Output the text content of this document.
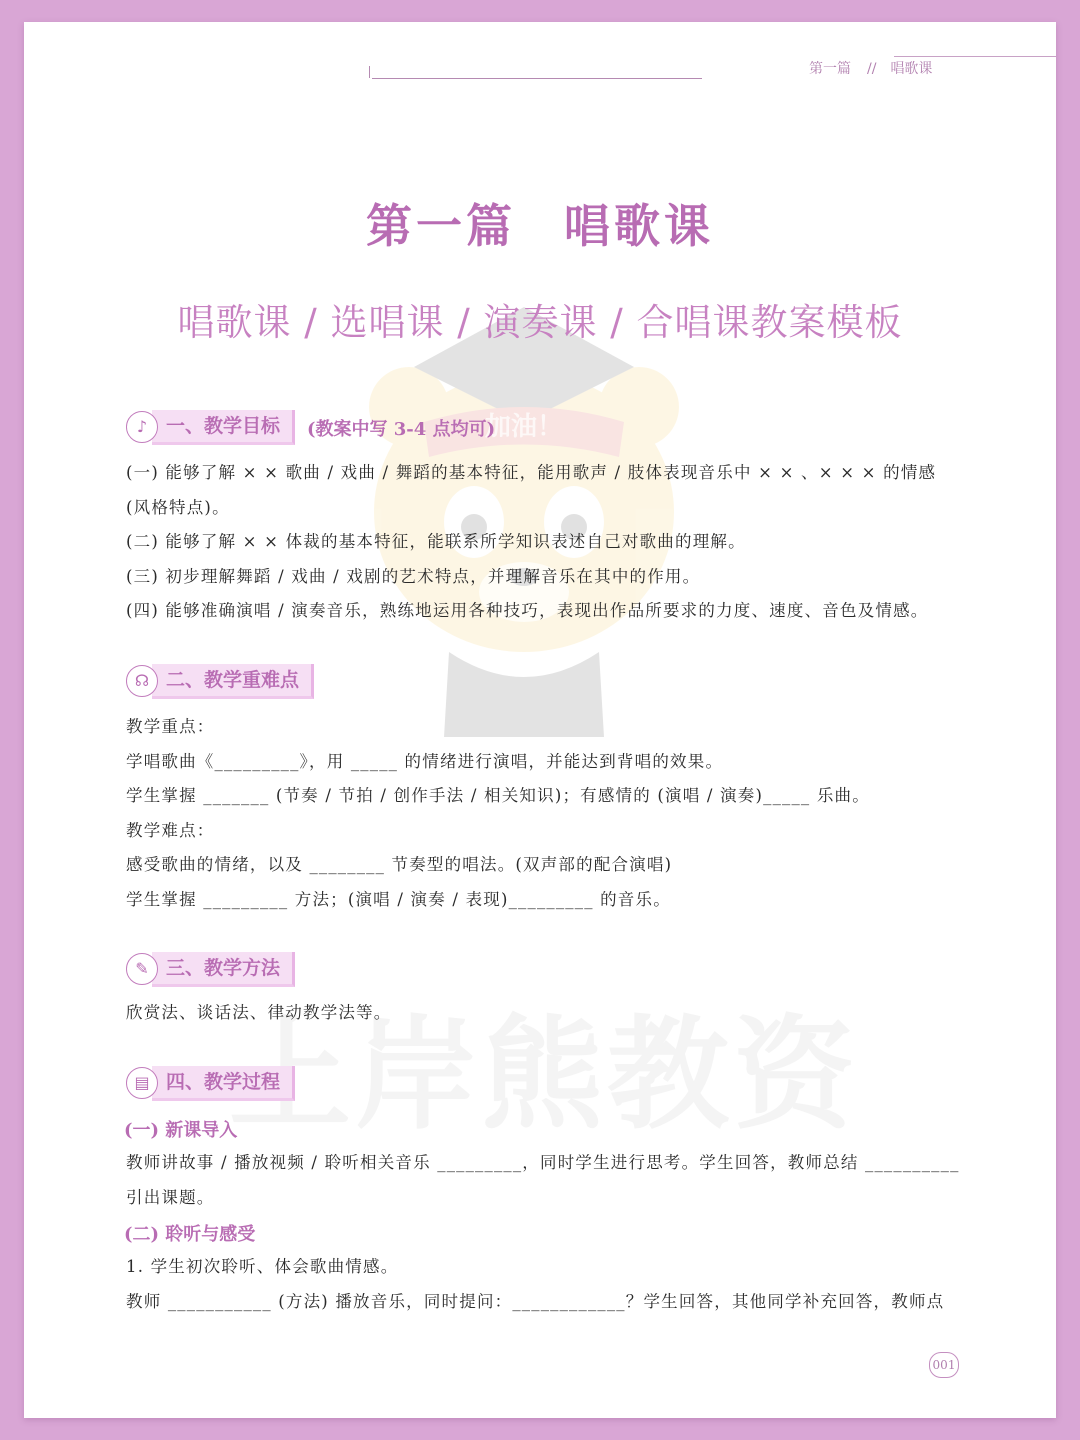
加油！
第一篇 // 唱歌课
第一篇 唱歌课
唱歌课 / 选唱课 / 演奏课 / 合唱课教案模板
一、教学目标
♪	(教案中写 3-4 点均可)

(一) 能够了解 × × 歌曲 / 戏曲 / 舞蹈的基本特征，能用歌声 / 肢体表现音乐中 × × 、× × × 的情感 (风格特点)。

(二) 能够了解 × × 体裁的基本特征，能联系所学知识表述自己对歌曲的理解。

(三) 初步理解舞蹈 / 戏曲 / 戏剧的艺术特点，并理解音乐在其中的作用。

(四) 能够准确演唱 / 演奏音乐，熟练地运用各种技巧，表现出作品所要求的力度、速度、音色及情感。

二、教学重难点
☊

教学重点：

学唱歌曲《_________》，用 _____ 的情绪进行演唱，并能达到背唱的效果。

学生掌握 _______ (节奏 / 节拍 / 创作手法 / 相关知识)；有感情的 (演唱 / 演奏)_____ 乐曲。

教学难点：

感受歌曲的情绪，以及 ________ 节奏型的唱法。(双声部的配合演唱)

学生掌握 _________ 方法；(演唱 / 演奏 / 表现)_________ 的音乐。

三、教学方法
✎

欣赏法、谈话法、律动教学法等。

四、教学过程
▤
(一) 新课导入

教师讲故事 / 播放视频 / 聆听相关音乐 _________，同时学生进行思考。学生回答，教师总结 __________

引出课题。

(二) 聆听与感受

1. 学生初次聆听、体会歌曲情感。

教师 ___________ (方法) 播放音乐，同时提问：____________？学生回答，其他同学补充回答，教师点

001
